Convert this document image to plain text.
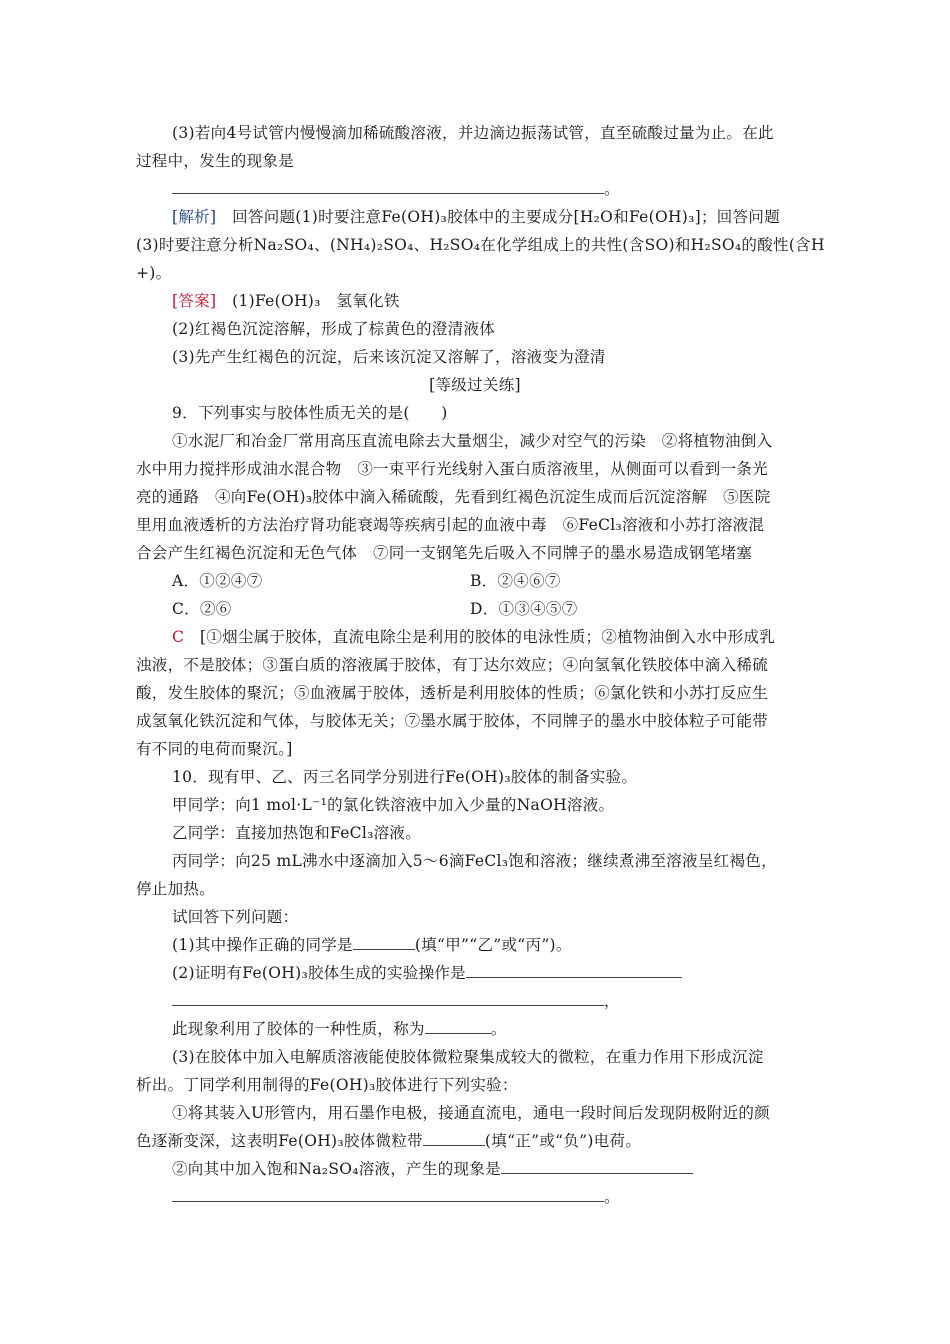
(3)若向4号试管内慢慢滴加稀硫酸溶液，并边滴边振荡试管，直至硫酸过量为止。在此
过程中，发生的现象是
。
[解析]　回答问题(1)时要注意Fe(OH)₃胶体中的主要成分[H₂O和Fe(OH)₃]；回答问题
(3)时要注意分析Na₂SO₄、(NH₄)₂SO₄、H₂SO₄在化学组成上的共性(含SO)和H₂SO₄的酸性(含H
+)。
[答案]　(1)Fe(OH)₃　氢氧化铁
(2)红褐色沉淀溶解，形成了棕黄色的澄清液体
(3)先产生红褐色的沉淀，后来该沉淀又溶解了，溶液变为澄清
[等级过关练]
9．下列事实与胶体性质无关的是(　　)
①水泥厂和冶金厂常用高压直流电除去大量烟尘，减少对空气的污染　②将植物油倒入
水中用力搅拌形成油水混合物　③一束平行光线射入蛋白质溶液里，从侧面可以看到一条光
亮的通路　④向Fe(OH)₃胶体中滴入稀硫酸，先看到红褐色沉淀生成而后沉淀溶解　⑤医院
里用血液透析的方法治疗肾功能衰竭等疾病引起的血液中毒　⑥FeCl₃溶液和小苏打溶液混
合会产生红褐色沉淀和无色气体　⑦同一支钢笔先后吸入不同牌子的墨水易造成钢笔堵塞
A．①②④⑦	B．②④⑥⑦
C．②⑥	D．①③④⑤⑦
C　[①烟尘属于胶体，直流电除尘是利用的胶体的电泳性质；②植物油倒入水中形成乳
浊液，不是胶体；③蛋白质的溶液属于胶体，有丁达尔效应；④向氢氧化铁胶体中滴入稀硫
酸，发生胶体的聚沉；⑤血液属于胶体，透析是利用胶体的性质；⑥氯化铁和小苏打反应生
成氢氧化铁沉淀和气体，与胶体无关；⑦墨水属于胶体，不同牌子的墨水中胶体粒子可能带
有不同的电荷而聚沉。]
10．现有甲、乙、丙三名同学分别进行Fe(OH)₃胶体的制备实验。
甲同学：向1 mol·L⁻¹的氯化铁溶液中加入少量的NaOH溶液。
乙同学：直接加热饱和FeCl₃溶液。
丙同学：向25 mL沸水中逐滴加入5～6滴FeCl₃饱和溶液；继续煮沸至溶液呈红褐色，
停止加热。
试回答下列问题：
(1)其中操作正确的同学是	(填“甲”“乙”或“丙”)。
(2)证明有Fe(OH)₃胶体生成的实验操作是
，
此现象利用了胶体的一种性质，称为	。
(3)在胶体中加入电解质溶液能使胶体微粒聚集成较大的微粒，在重力作用下形成沉淀
析出。丁同学利用制得的Fe(OH)₃胶体进行下列实验：
①将其装入U形管内，用石墨作电极，接通直流电，通电一段时间后发现阴极附近的颜
色逐渐变深，这表明Fe(OH)₃胶体微粒带	(填“正”或“负”)电荷。
②向其中加入饱和Na₂SO₄溶液，产生的现象是
。
